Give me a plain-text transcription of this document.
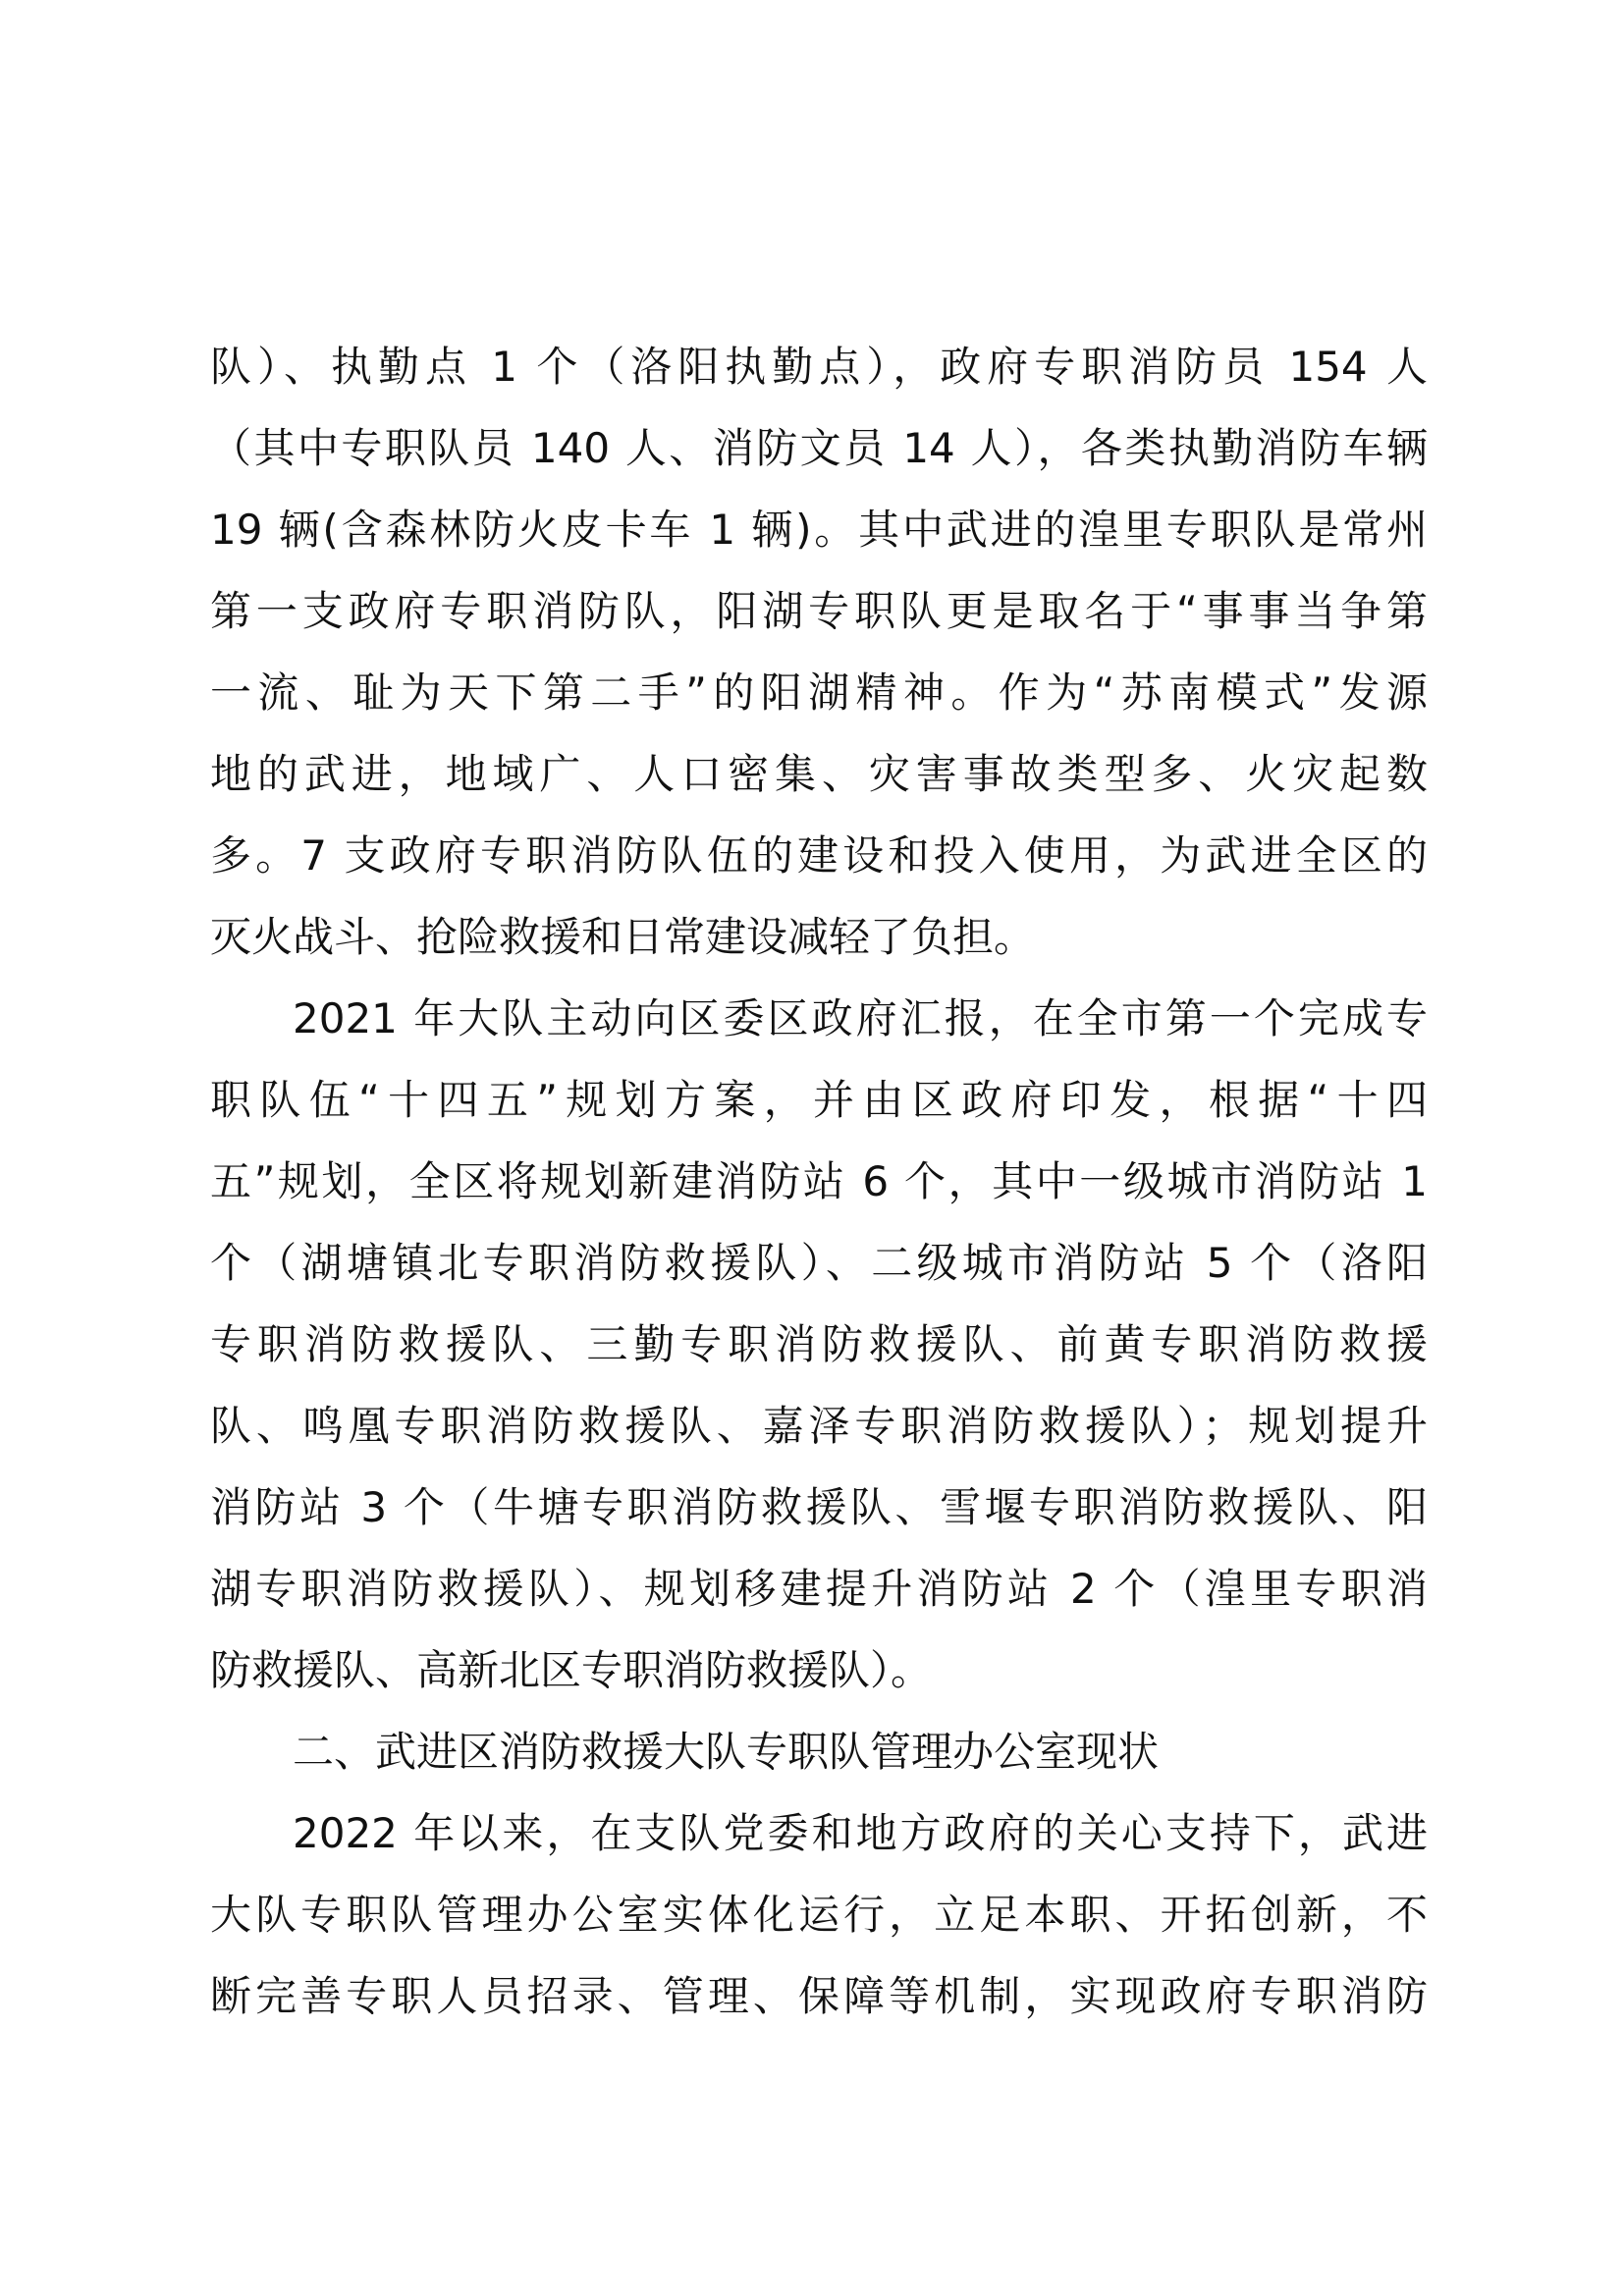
队）、执勤点 1 个（洛阳执勤点），政府专职消防员 154 人
（其中专职队员 140 人、消防文员 14 人），各类执勤消防车辆
19 辆(含森林防火皮卡车 1 辆)。其中武进的湟里专职队是常州
第一支政府专职消防队，阳湖专职队更是取名于“事事当争第
一流、耻为天下第二手”的阳湖精神。作为“苏南模式”发源
地的武进，地域广、人口密集、灾害事故类型多、火灾起数
多。7 支政府专职消防队伍的建设和投入使用，为武进全区的
灭火战斗、抢险救援和日常建设减轻了负担。
2021 年大队主动向区委区政府汇报，在全市第一个完成专
职队伍“十四五”规划方案，并由区政府印发，根据“十四
五”规划，全区将规划新建消防站 6 个，其中一级城市消防站 1
个（湖塘镇北专职消防救援队）、二级城市消防站 5 个（洛阳
专职消防救援队、三勤专职消防救援队、前黄专职消防救援
队、鸣凰专职消防救援队、嘉泽专职消防救援队）；规划提升
消防站 3 个（牛塘专职消防救援队、雪堰专职消防救援队、阳
湖专职消防救援队）、规划移建提升消防站 2 个（湟里专职消
防救援队、高新北区专职消防救援队）。
二、武进区消防救援大队专职队管理办公室现状
2022 年以来，在支队党委和地方政府的关心支持下，武进
大队专职队管理办公室实体化运行，立足本职、开拓创新，不
断完善专职人员招录、管理、保障等机制，实现政府专职消防
